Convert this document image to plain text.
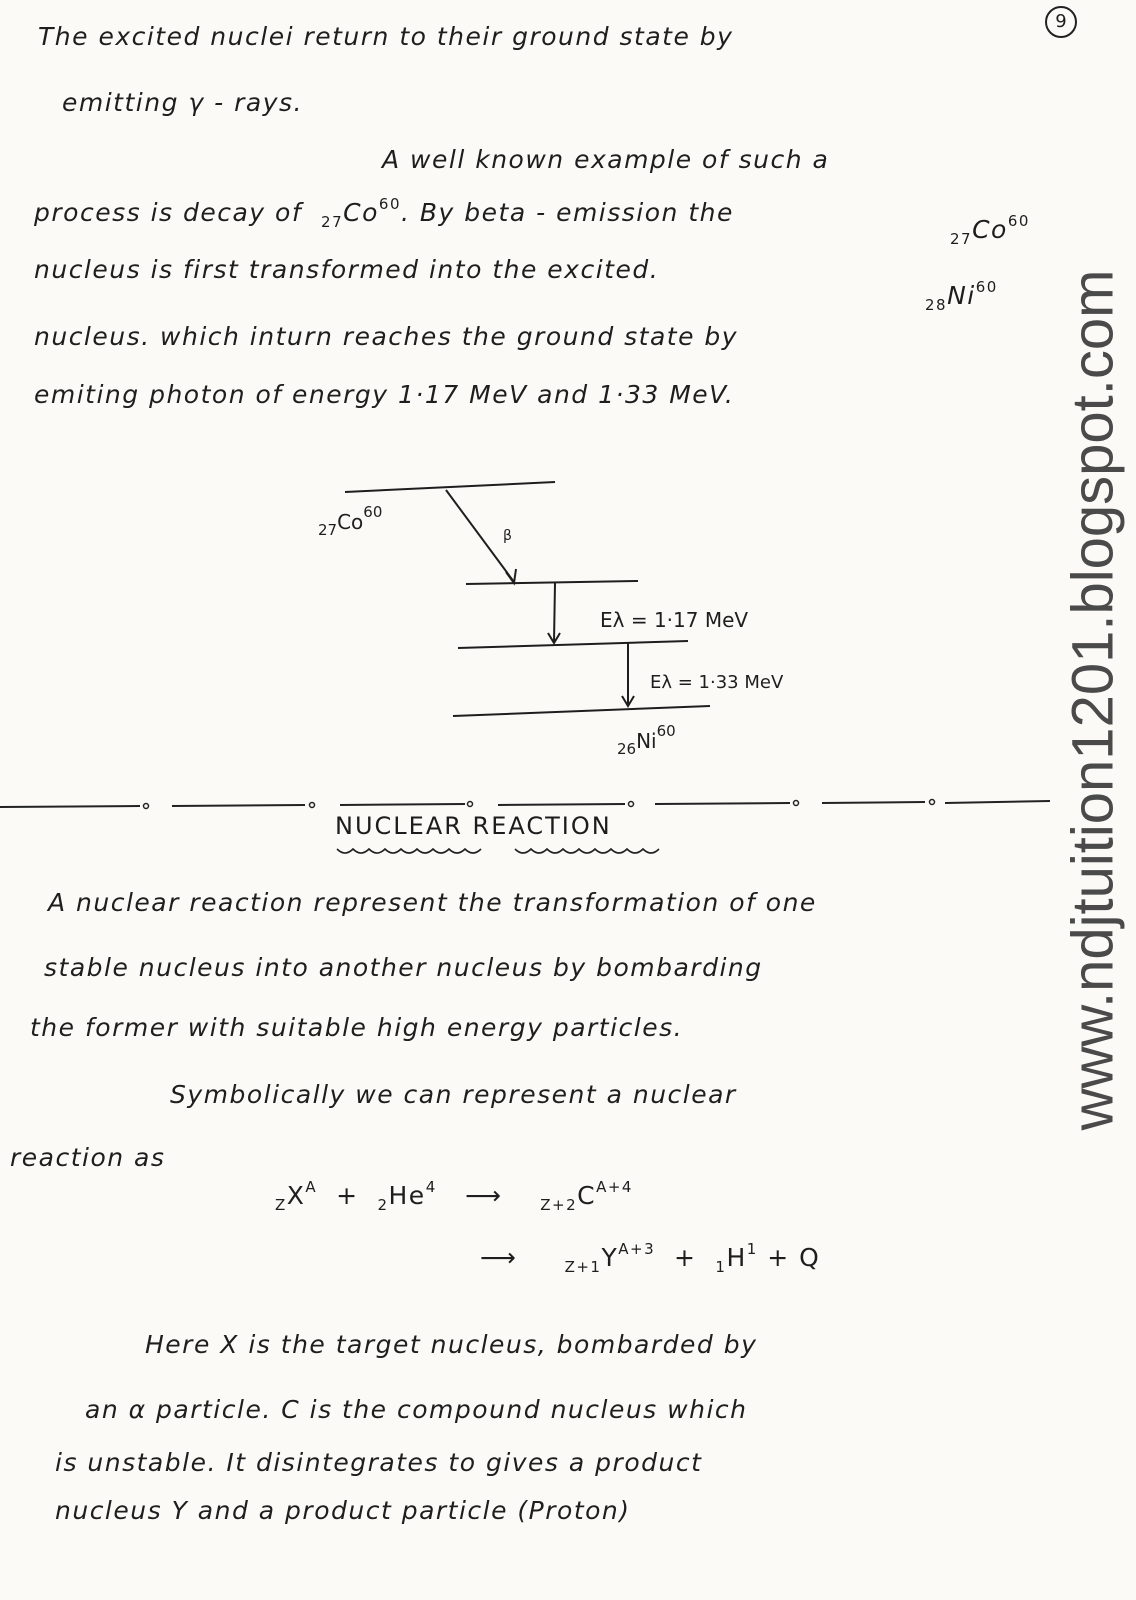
9
www.ndjtuition1201.blogspot.com
The excited nuclei return to their ground state by
emitting γ - rays.
A well known example of such a
process is decay of $_{27}Co^{60}$. By beta - emission the
$_{27}Co^{60}$
nucleus is first transformed into the excited.
$_{28}Ni^{60}$
nucleus. which inturn reaches the ground state by
emiting photon of energy 1·17 MeV and 1·33 MeV.
$_{27}Co^{60}$
β
Eλ = 1·17 MeV
Eλ = 1·33 MeV
$_{26}Ni^{60}$
NUCLEAR REACTION
A nuclear reaction represent the transformation of one
stable nucleus into another nucleus by bombarding
the former with suitable high energy particles.
Symbolically we can represent a nuclear
reaction as
$_ZX^A + _2He^4$ ⟶	$_{Z+2}C^{A+4}$
⟶	$_{Z+1}Y^{A+3} + _1H^1 + Q$
Here X is the target nucleus, bombarded by
an α particle. C is the compound nucleus which
is unstable. It disintegrates to gives a product
nucleus Y and a product particle (Proton)
